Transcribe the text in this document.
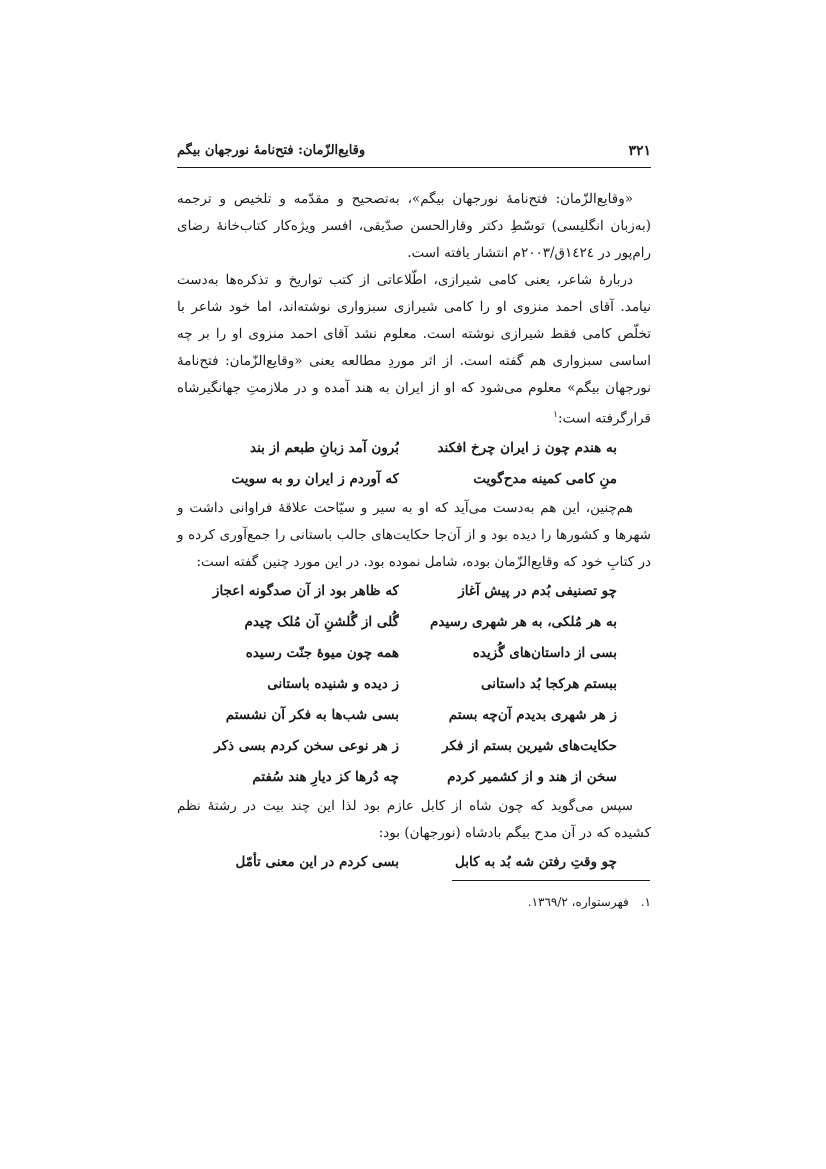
۳۲۱
وقایع‌الزّمان: فتح‌نامهٔ نورجهان بیگم

«وقایع‌الزّمان: فتح‌نامهٔ نورجهان بیگم»، به‌تصحیح و مقدّمه و تلخیص و ترجمه (به‌زبان انگلیسی) توسّطِ دکتر وقارالحسن صدّیقی، افسر ویژه‌کار کتاب‌خانهٔ رضای رام‌پور در ۱٤۲٤ق/۲۰۰۳م انتشار یافته است.

دربارهٔ شاعر، یعنی کامی شیرازی، اطّلاعاتی از کتب تواریخ و تذکره‌ها به‌دست نیامد. آقای احمد منزوی او را کامی شیرازی سبزواری نوشته‌اند، اما خود شاعر با تخلّص کامی فقط شیرازی نوشته است. معلوم نشد آقای احمد منزوی او را بر چه اساسی سبزواری هم گفته است. از اثر موردِ مطالعه یعنی «وقایع‌الزّمان: فتح‌نامهٔ نورجهان بیگم» معلوم می‌شود که او از ایران به هند آمده و در ملازمتِ جهانگیرشاه قرارگرفته است:$^۱$

به هندم چون ز ایران چرخ افکند
بُرون آمد زبانِ طبعم از بند
منِ کامی کمینه مدح‌گویت
که آوردم ز ایران رو به سویت

هم‌چنین، این هم به‌دست می‌آید که او به سیر و سیّاحت علاقهٔ فراوانی داشت و شهرها و کشورها را دیده بود و از آن‌جا حکایت‌های جالب باستانی را جمع‌آوری کرده و در کتابِ خود که وقایع‌الزّمان بوده، شامل نموده بود. در این مورد چنین گفته است:

چو تصنیفی بُدم در پیش آغاز
که ظاهر بود از آن صدگونه اعجاز
به هر مُلکی، به هر شهری رسیدم
گُلی از گُلشنِ آن مُلک چیدم
بسی از داستان‌های گُزیده
همه چون میوهٔ جنّت رسیده
ببستم هرکجا بُد داستانی
ز دیده و شنیده باستانی
ز هر شهری بدیدم آن‌چه بستم
بسی شب‌ها به فکر آن نشستم
حکایت‌های شیرین بستم از فکر
ز هر نوعی سخن کردم بسی ذکر
سخن از هند و از کشمیر کردم
چه دُرها کز دیارِ هند سُفتم

سپس می‌گوید که چون شاه از کابل عازم بود لذا این چند بیت در رشتهٔ نظم کشیده که در آن مدح بیگم بادشاه (نورجهان) بود:

چو وقتِ رفتن شه بُد به کابل
بسی کردم در این معنی تأمّل
۱.فهرستواره، ۱۳٦۹/۲.
